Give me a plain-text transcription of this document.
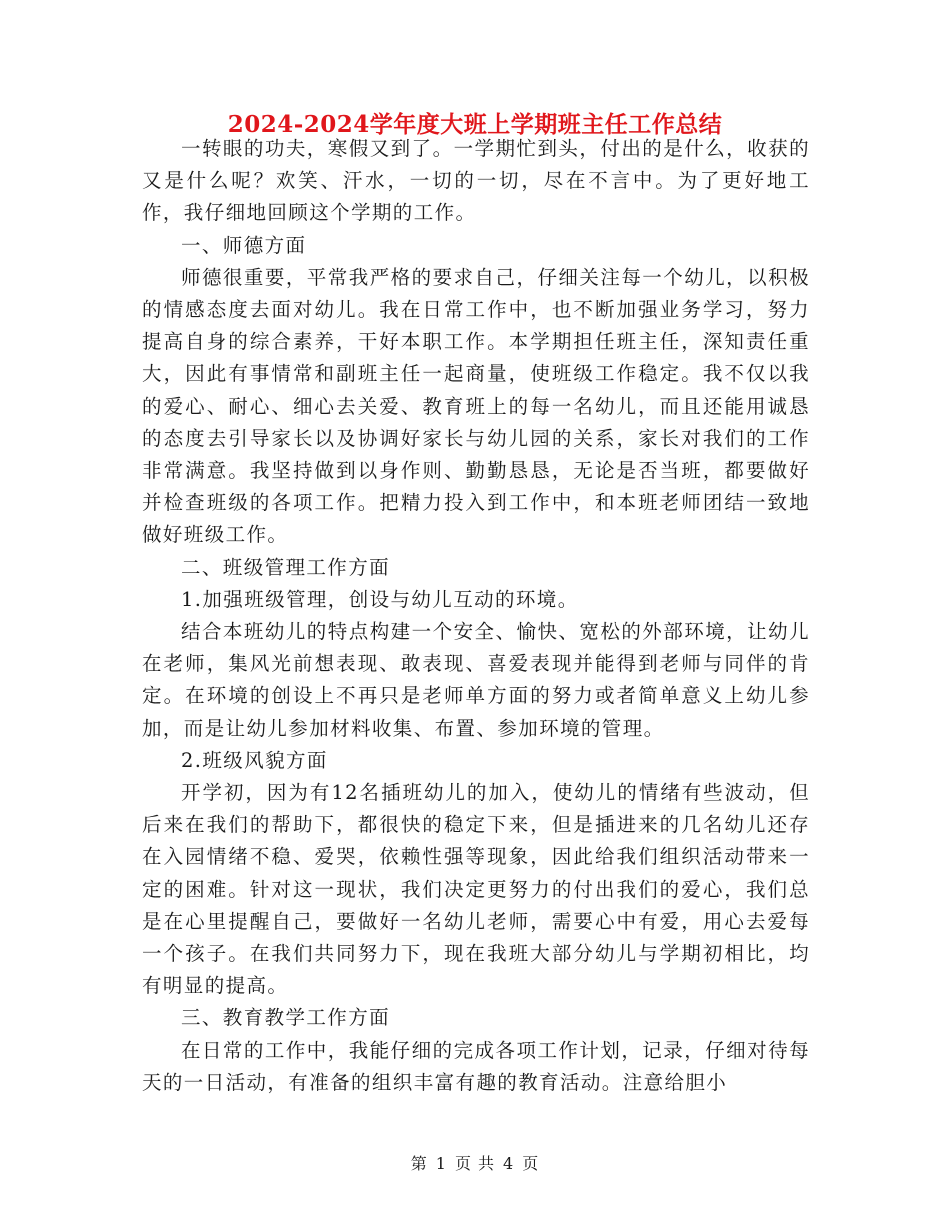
2024-2024学年度大班上学期班主任工作总结

一转眼的功夫，寒假又到了。一学期忙到头，付出的是什么，收获的又是什么呢？欢笑、汗水，一切的一切，尽在不言中。为了更好地工作，我仔细地回顾这个学期的工作。

一、师德方面

师德很重要，平常我严格的要求自己，仔细关注每一个幼儿，以积极的情感态度去面对幼儿。我在日常工作中，也不断加强业务学习，努力提高自身的综合素养，干好本职工作。本学期担任班主任，深知责任重大，因此有事情常和副班主任一起商量，使班级工作稳定。我不仅以我的爱心、耐心、细心去关爱、教育班上的每一名幼儿，而且还能用诚恳的态度去引导家长以及协调好家长与幼儿园的关系，家长对我们的工作非常满意。我坚持做到以身作则、勤勤恳恳，无论是否当班，都要做好并检查班级的各项工作。把精力投入到工作中，和本班老师团结一致地做好班级工作。

二、班级管理工作方面

1.加强班级管理，创设与幼儿互动的环境。

结合本班幼儿的特点构建一个安全、愉快、宽松的外部环境，让幼儿在老师，集风光前想表现、敢表现、喜爱表现并能得到老师与同伴的肯定。在环境的创设上不再只是老师单方面的努力或者简单意义上幼儿参加，而是让幼儿参加材料收集、布置、参加环境的管理。

2.班级风貌方面

开学初，因为有12名插班幼儿的加入，使幼儿的情绪有些波动，但后来在我们的帮助下，都很快的稳定下来，但是插进来的几名幼儿还存在入园情绪不稳、爱哭，依赖性强等现象，因此给我们组织活动带来一定的困难。针对这一现状，我们决定更努力的付出我们的爱心，我们总是在心里提醒自己，要做好一名幼儿老师，需要心中有爱，用心去爱每一个孩子。在我们共同努力下，现在我班大部分幼儿与学期初相比，均有明显的提高。

三、教育教学工作方面

在日常的工作中，我能仔细的完成各项工作计划，记录，仔细对待每天的一日活动，有准备的组织丰富有趣的教育活动。注意给胆小

第 1 页 共 4 页
